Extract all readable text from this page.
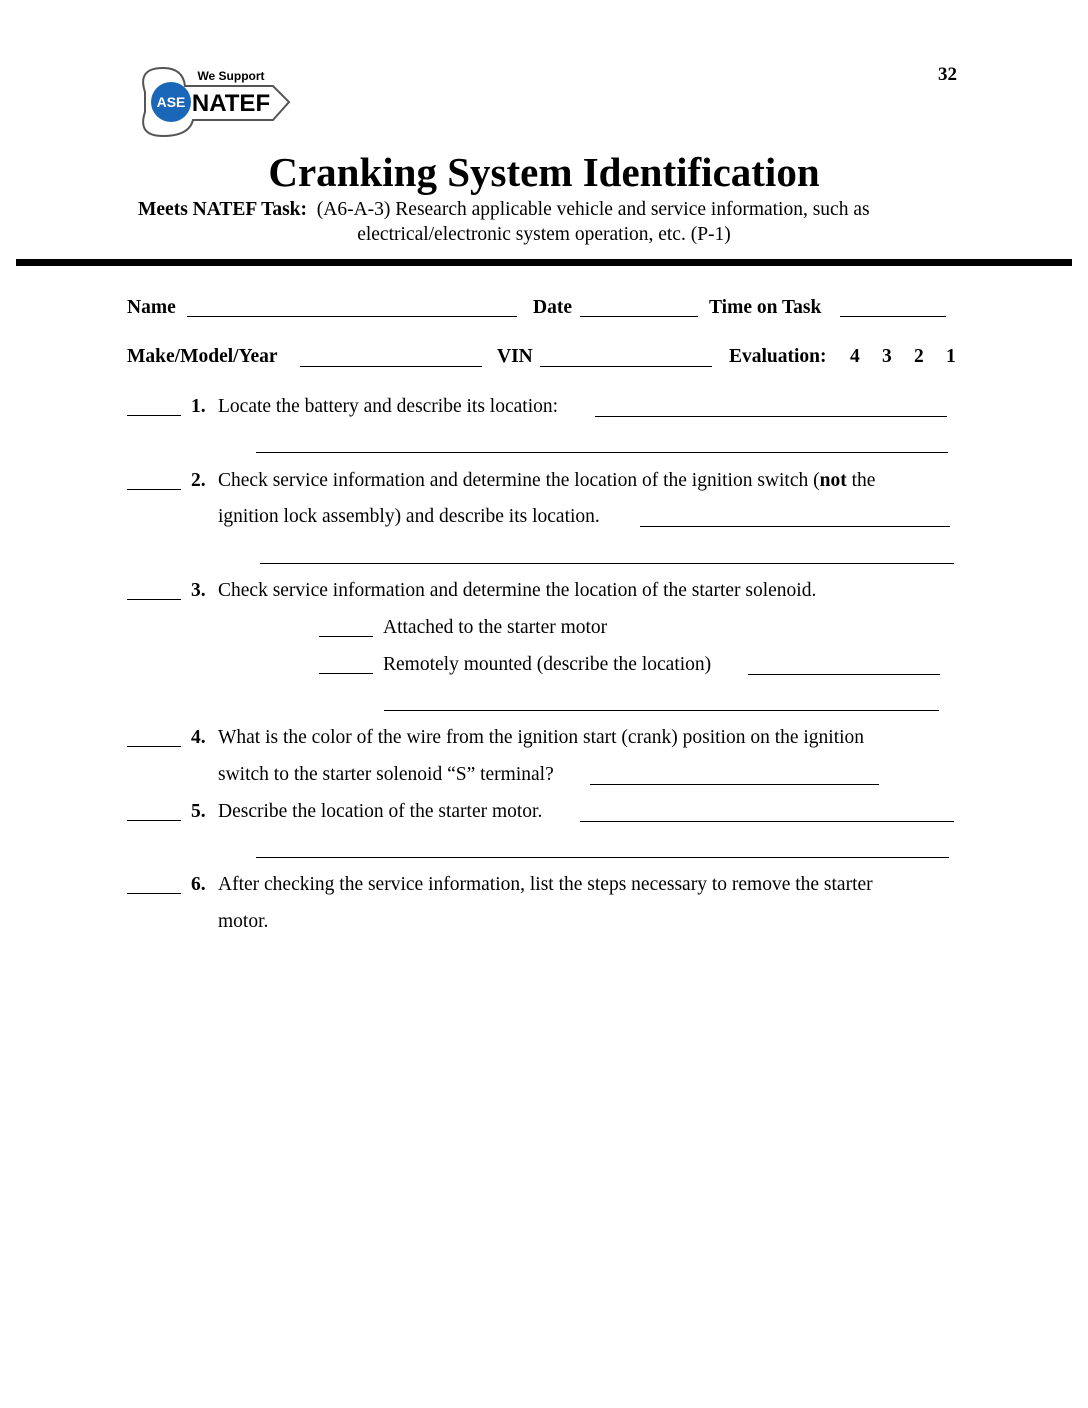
ASE
We Support
NATEF
32
Cranking System Identification
Meets NATEF Task: (A6-A-3) Research applicable vehicle and service information, such as
electrical/electronic system operation, etc. (P-1)
Name	Date	Time on Task
Make/Model/Year	VIN	Evaluation: 4 3 2 1
1. Locate the battery and describe its location:
2. Check service information and determine the location of the ignition switch (not the
ignition lock assembly) and describe its location.
3. Check service information and determine the location of the starter solenoid.
Attached to the starter motor
Remotely mounted (describe the location)
4. What is the color of the wire from the ignition start (crank) position on the ignition
switch to the starter solenoid “S” terminal?
5. Describe the location of the starter motor.
6. After checking the service information, list the steps necessary to remove the starter
motor.
